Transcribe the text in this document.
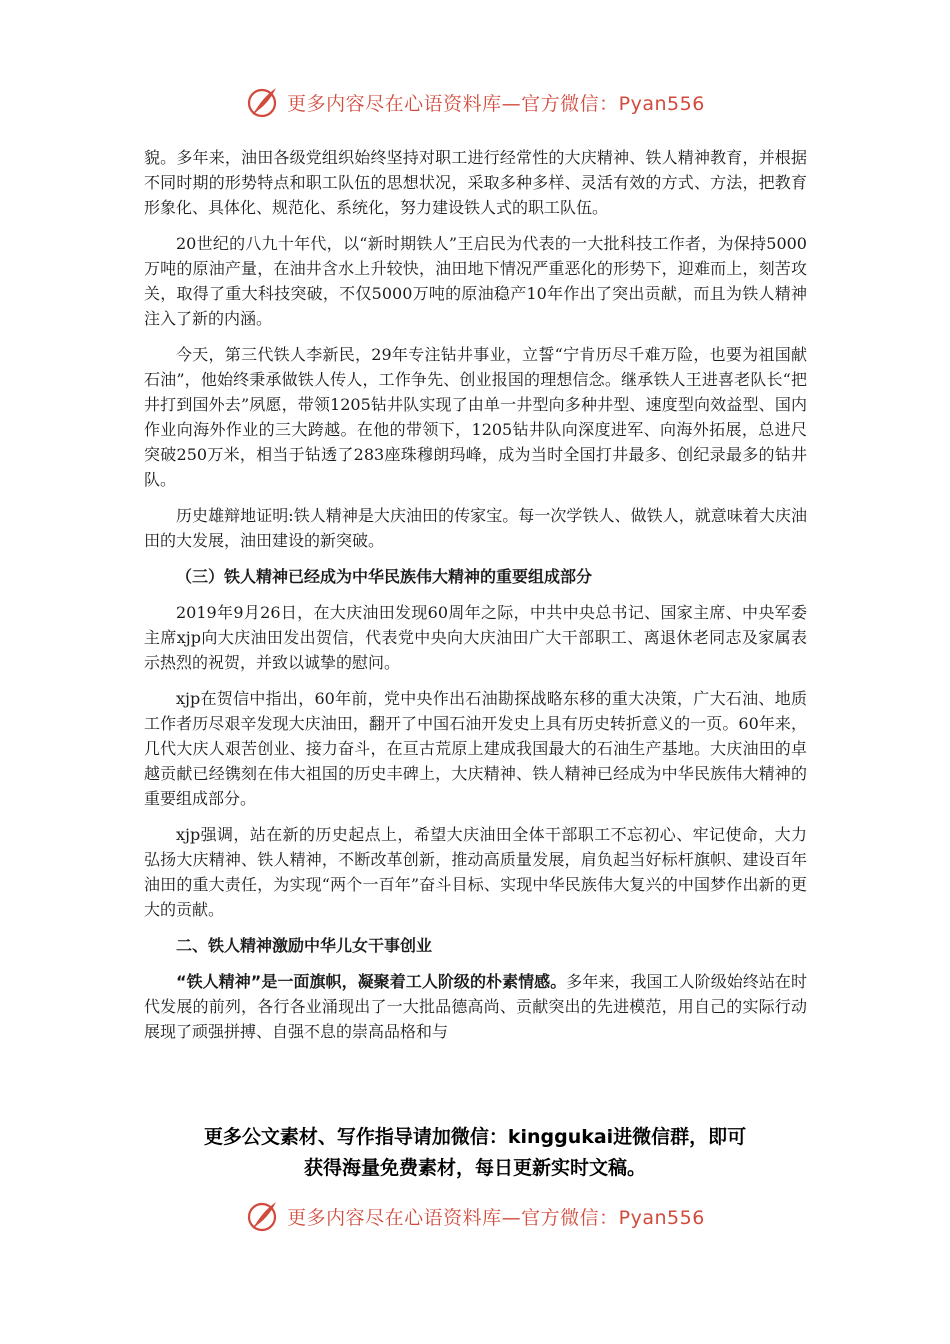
更多内容尽在心语资料库—官方微信：Pyan556

貌。多年来，油田各级党组织始终坚持对职工进行经常性的大庆精神、铁人精神教育，并根据不同时期的形势特点和职工队伍的思想状况，采取多种多样、灵活有效的方式、方法，把教育形象化、具体化、规范化、系统化，努力建设铁人式的职工队伍。

20世纪的八九十年代，以“新时期铁人”王启民为代表的一大批科技工作者，为保持5000万吨的原油产量，在油井含水上升较快，油田地下情况严重恶化的形势下，迎难而上，刻苦攻关，取得了重大科技突破，不仅5000万吨的原油稳产10年作出了突出贡献，而且为铁人精神注入了新的内涵。

今天，第三代铁人李新民，29年专注钻井事业，立誓“宁肯历尽千难万险，也要为祖国献石油”，他始终秉承做铁人传人，工作争先、创业报国的理想信念。继承铁人王进喜老队长“把井打到国外去”夙愿，带领1205钻井队实现了由单一井型向多种井型、速度型向效益型、国内作业向海外作业的三大跨越。在他的带领下，1205钻井队向深度进军、向海外拓展，总进尺突破250万米，相当于钻透了283座珠穆朗玛峰，成为当时全国打井最多、创纪录最多的钻井队。

历史雄辩地证明:铁人精神是大庆油田的传家宝。每一次学铁人、做铁人，就意味着大庆油田的大发展，油田建设的新突破。

（三）铁人精神已经成为中华民族伟大精神的重要组成部分

2019年9月26日，在大庆油田发现60周年之际，中共中央总书记、国家主席、中央军委主席xjp向大庆油田发出贺信，代表党中央向大庆油田广大干部职工、离退休老同志及家属表示热烈的祝贺，并致以诚挚的慰问。

xjp在贺信中指出，60年前，党中央作出石油勘探战略东移的重大决策，广大石油、地质工作者历尽艰辛发现大庆油田，翻开了中国石油开发史上具有历史转折意义的一页。60年来，几代大庆人艰苦创业、接力奋斗，在亘古荒原上建成我国最大的石油生产基地。大庆油田的卓越贡献已经镌刻在伟大祖国的历史丰碑上，大庆精神、铁人精神已经成为中华民族伟大精神的重要组成部分。

xjp强调，站在新的历史起点上，希望大庆油田全体干部职工不忘初心、牢记使命，大力弘扬大庆精神、铁人精神，不断改革创新，推动高质量发展，肩负起当好标杆旗帜、建设百年油田的重大责任，为实现“两个一百年”奋斗目标、实现中华民族伟大复兴的中国梦作出新的更大的贡献。

二、铁人精神激励中华儿女干事创业

“铁人精神”是一面旗帜，凝聚着工人阶级的朴素情感。多年来，我国工人阶级始终站在时代发展的前列，各行各业涌现出了一大批品德高尚、贡献突出的先进模范，用自己的实际行动展现了顽强拼搏、自强不息的崇高品格和与

更多公文素材、写作指导请加微信：kinggukai进微信群，即可
获得海量免费素材，每日更新实时文稿。
更多内容尽在心语资料库—官方微信：Pyan556
